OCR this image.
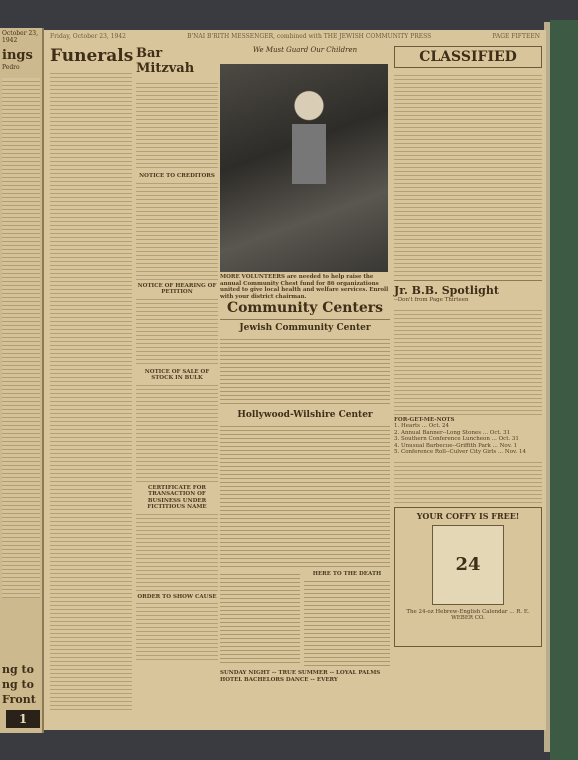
October 23, 1942
ings
Pedro
ng to
ng to
Front
1
Friday, October 23, 1942	B'NAI B'RITH MESSENGER, combined with THE JEWISH COMMUNITY PRESS	PAGE FIFTEEN
Funerals Bar Mitzvah
NOTICE TO CREDITORS
NOTICE OF HEARING OF PETITION
NOTICE OF SALE OF STOCK IN BULK
CERTIFICATE FOR TRANSACTION OF BUSINESS UNDER FICTITIOUS NAME
ORDER TO SHOW CAUSE
We Must Guard Our Children
MORE VOLUNTEERS are needed to help raise the annual Community Chest fund for 86 organizations united to give local health and welfare services. Enroll with your district chairman.
Community Centers
Jewish Community Center
Hollywood-Wilshire Center
HERE TO THE DEATH
SUNDAY NIGHT -- TRUE SUMMER -- LOYAL PALMS HOTEL BACHELORS DANCE -- EVERY
CLASSIFIED
Jr. B.B. Spotlight
--Don't from Page Thirteen
FOR-GET-ME-NOTS
1. Hearts ... Oct. 24
2. Annual Banner--Long Stones ... Oct. 31
3. Southern Conference Luncheon ... Oct. 31
4. Unusual Barbecue--Griffith Park ... Nov. 1
5. Conference Roll--Culver City Girls ... Nov. 14
YOUR COFFY IS FREE!
24
The 24-oz Hebrew-English Calendar ... R. E. WEBER CO.
